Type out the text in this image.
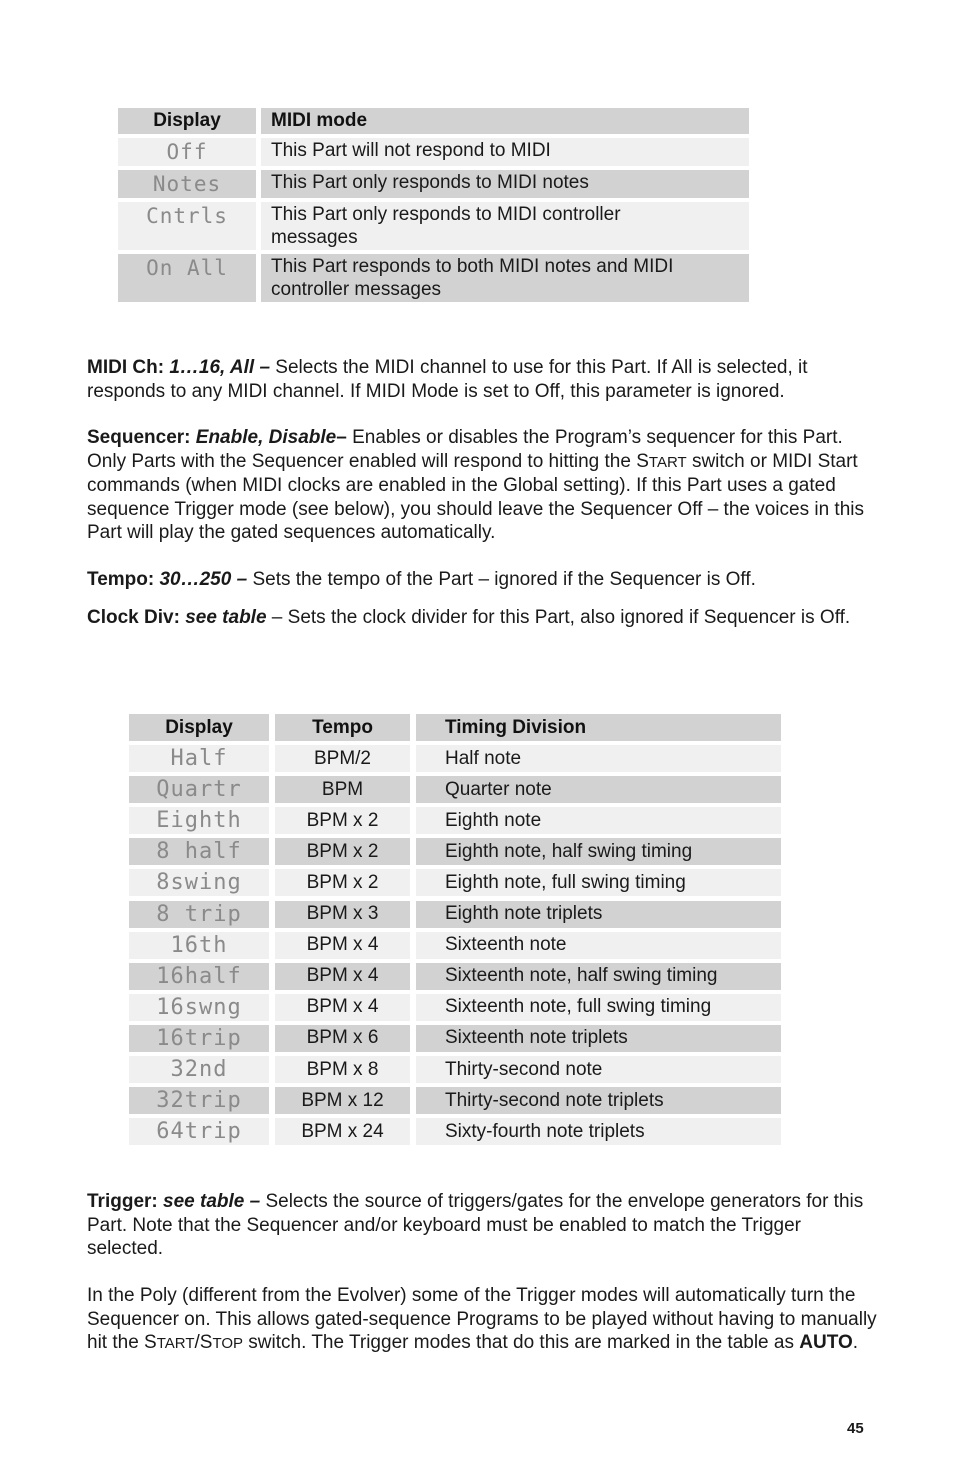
Display	MIDI mode
Off	This Part will not respond to MIDI
Notes	This Part only responds to MIDI notes
Cntrls	This Part only responds to MIDI controller messages
On All	This Part responds to both MIDI notes and MIDI controller messages

MIDI Ch: 1…16, All – Selects the MIDI channel to use for this Part. If All is selected, it responds to any MIDI channel. If MIDI Mode is set to Off, this parameter is ignored.

Sequencer: Enable, Disable– Enables or disables the Program’s sequencer for this Part. Only Parts with the Sequencer enabled will respond to hitting the START switch or MIDI Start commands (when MIDI clocks are enabled in the Global setting). If this Part uses a gated sequence Trigger mode (see below), you should leave the Sequencer Off – the voices in this Part will play the gated sequences automatically.

Tempo: 30…250 – Sets the tempo of the Part – ignored if the Sequencer is Off.

Clock Div: see table – Sets the clock divider for this Part, also ignored if Sequencer is Off.

Display	Tempo	Timing Division
Half	BPM/2	Half note
Quartr	BPM	Quarter note
Eighth	BPM x 2	Eighth note
8 half	BPM x 2	Eighth note, half swing timing
8swing	BPM x 2	Eighth note, full swing timing
8 trip	BPM x 3	Eighth note triplets
16th	BPM x 4	Sixteenth note
16half	BPM x 4	Sixteenth note, half swing timing
16swng	BPM x 4	Sixteenth note, full swing timing
16trip	BPM x 6	Sixteenth note triplets
32nd	BPM x 8	Thirty-second note
32trip	BPM x 12	Thirty-second note triplets
64trip	BPM x 24	Sixty-fourth note triplets

Trigger: see table – Selects the source of triggers/gates for the envelope generators for this Part. Note that the Sequencer and/or keyboard must be enabled to match the Trigger selected.

In the Poly (different from the Evolver) some of the Trigger modes will automatically turn the Sequencer on. This allows gated-sequence Programs to be played without having to manually hit the START/STOP switch. The Trigger modes that do this are marked in the table as AUTO.

45
